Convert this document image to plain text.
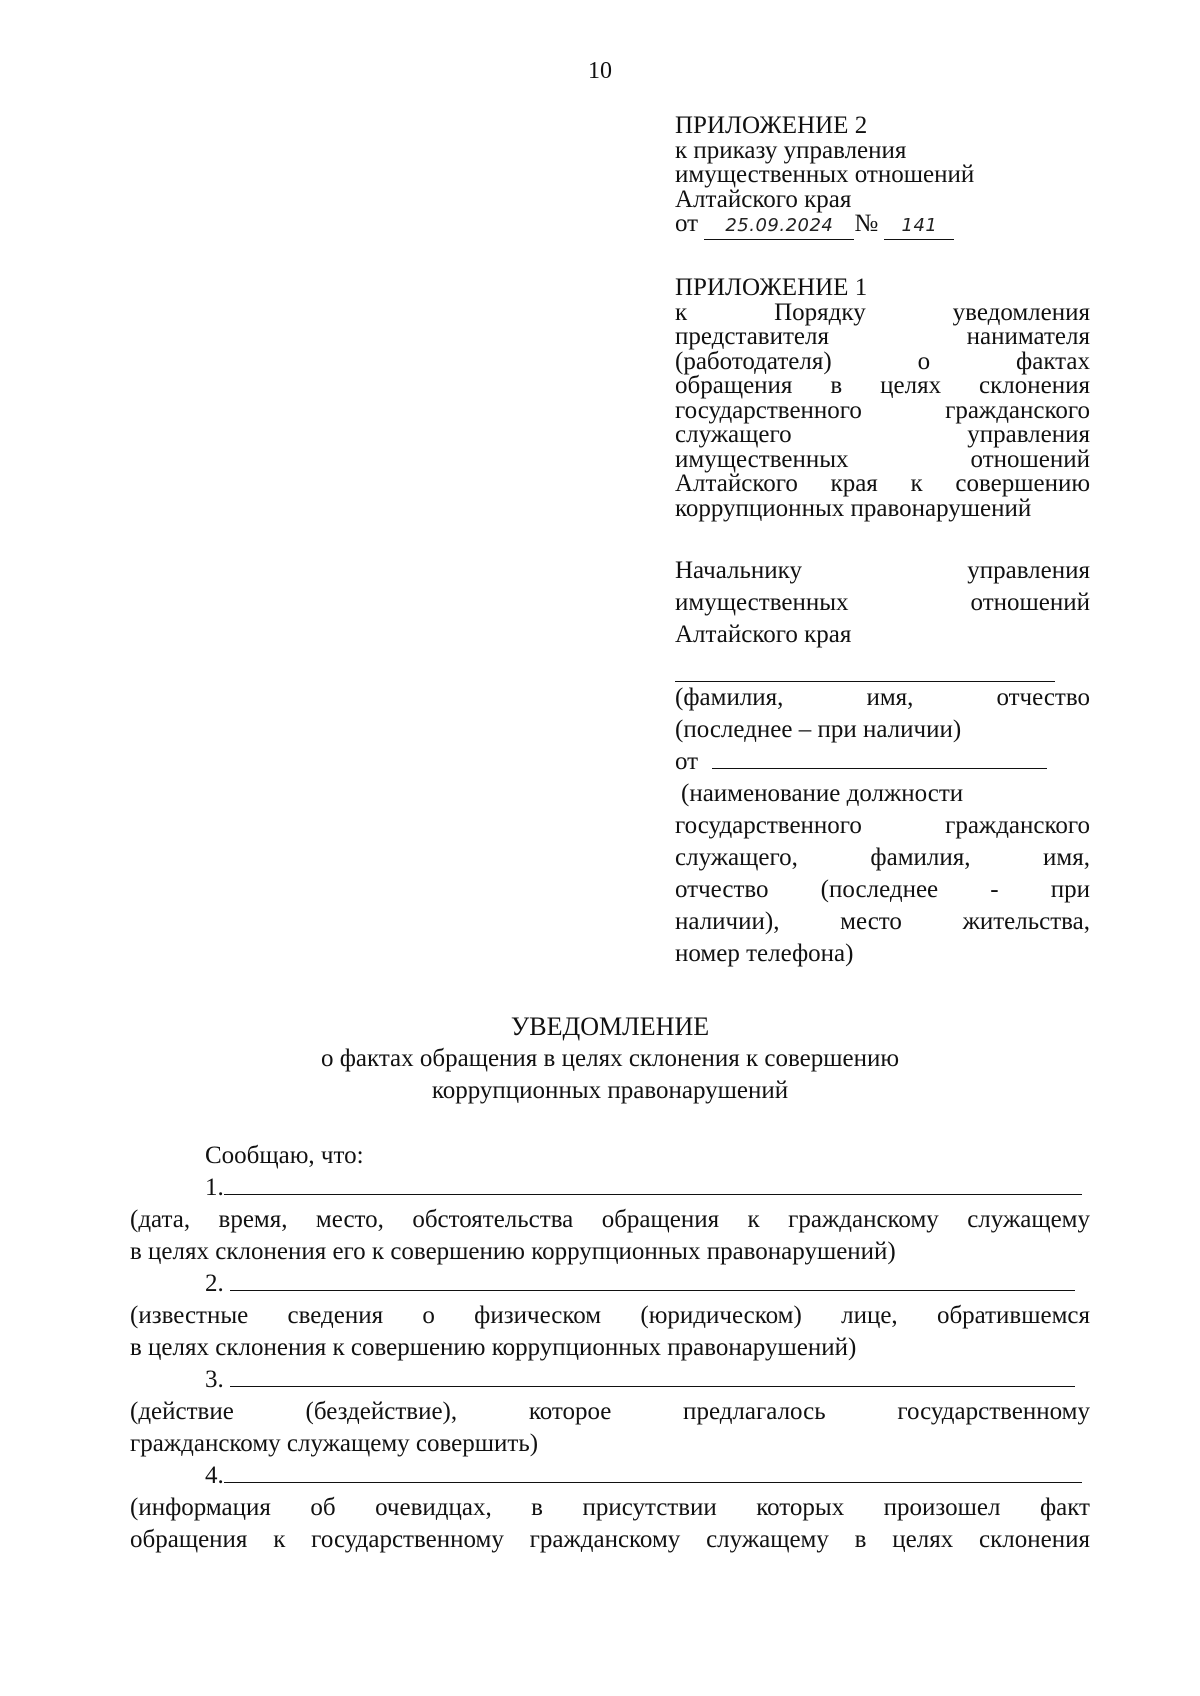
10
ПРИЛОЖЕНИЕ 2
к приказу управления
имущественных отношений
Алтайского края
от 25.09.2024 № 141
ПРИЛОЖЕНИЕ 1
к Порядку уведомления
представителя нанимателя
(работодателя) о фактах
обращения в целях склонения
государственного гражданского
служащего управления
имущественных отношений
Алтайского края к совершению
коррупционных правонарушений
Начальнику управления
имущественных отношений
Алтайского края
(фамилия, имя, отчество
(последнее – при наличии)
от
(наименование должности
государственного гражданского
служащего, фамилия, имя,
отчество (последнее - при
наличии), место жительства,
номер телефона)
УВЕДОМЛЕНИЕ
о фактах обращения в целях склонения к совершению
коррупционных правонарушений
Сообщаю, что:
1.
(дата, время, место, обстоятельства обращения к гражданскому служащему
в целях склонения его к совершению коррупционных правонарушений)
2.
(известные сведения о физическом (юридическом) лице, обратившемся
в целях склонения к совершению коррупционных правонарушений)
3.
(действие (бездействие), которое предлагалось государственному
гражданскому служащему совершить)
4.
(информация об очевидцах, в присутствии которых произошел факт
обращения к государственному гражданскому служащему в целях склонения
